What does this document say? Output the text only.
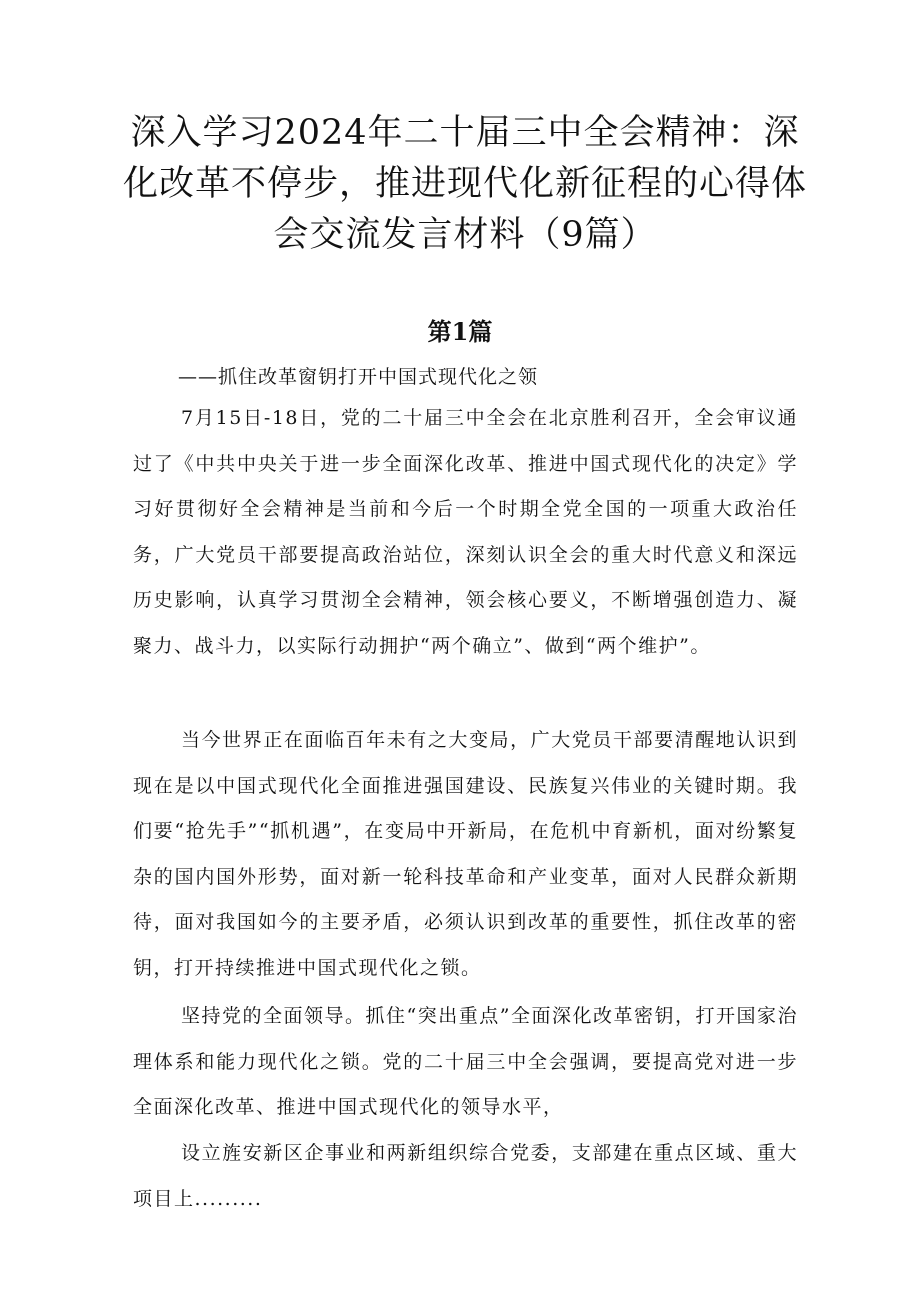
深入学习2024年二十届三中全会精神：深化改革不停步，推进现代化新征程的心得体会交流发言材料（9篇）
第1篇

——抓住改革窗钥打开中国式现代化之领

7月15日-18日，党的二十届三中全会在北京胜利召开，全会审议通过了《中共中央关于进一步全面深化改革、推进中国式现代化的决定》学习好贯彻好全会精神是当前和今后一个时期全党全国的一项重大政治任务，广大党员干部要提高政治站位，深刻认识全会的重大时代意义和深远历史影响，认真学习贯沏全会精神，领会核心要义，不断增强创造力、凝聚力、战斗力，以实际行动拥护“两个确立”、做到“两个维护”。

当今世界正在面临百年未有之大变局，广大党员干部要清醒地认识到现在是以中国式现代化全面推进强国建设、民族复兴伟业的关键时期。我们要“抢先手”“抓机遇”，在变局中开新局，在危机中育新机，面对纷繁复杂的国内国外形势，面对新一轮科技革命和产业变革，面对人民群众新期待，面对我国如今的主要矛盾，必须认识到改革的重要性，抓住改革的密钥，打开持续推进中国式现代化之锁。

坚持党的全面领导。抓住“突出重点”全面深化改革密钥，打开国家治理体系和能力现代化之锁。党的二十届三中全会强调，要提高党对进一步全面深化改革、推进中国式现代化的领导水平，

设立旌安新区企事业和两新组织综合党委，支部建在重点区域、重大项目上.........
